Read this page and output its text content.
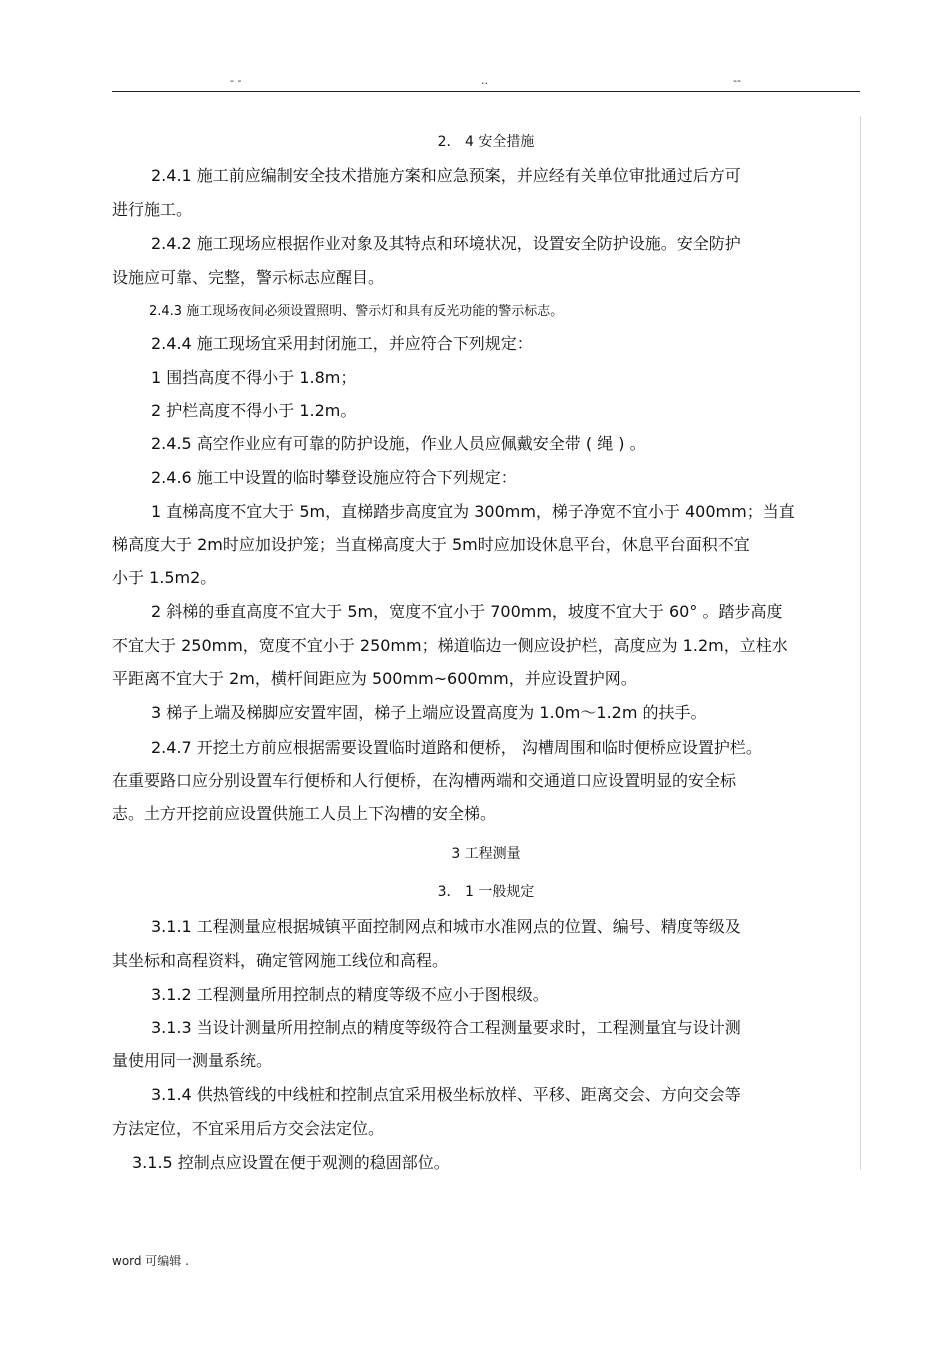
- -	..	--
2． 4 安全措施
2.4.1 施工前应编制安全技术措施方案和应急预案，并应经有关单位审批通过后方可
进行施工。
2.4.2 施工现场应根据作业对象及其特点和环境状况，设置安全防护设施。安全防护
设施应可靠、完整，警示标志应醒目。
2.4.3 施工现场夜间必须设置照明、警示灯和具有反光功能的警示标志。
2.4.4 施工现场宜采用封闭施工，并应符合下列规定：
1 围挡高度不得小于 1.8m；
2 护栏高度不得小于 1.2m。
2.4.5 高空作业应有可靠的防护设施，作业人员应佩戴安全带 ( 绳 ) 。
2.4.6 施工中设置的临时攀登设施应符合下列规定：
1 直梯高度不宜大于 5m，直梯踏步高度宜为 300mm，梯子净宽不宜小于 400mm；当直
梯高度大于 2m时应加设护笼；当直梯高度大于 5m时应加设休息平台，休息平台面积不宜
小于 1.5m2。
2 斜梯的垂直高度不宜大于 5m，宽度不宜小于 700mm，坡度不宜大于 60° 。踏步高度
不宜大于 250mm，宽度不宜小于 250mm；梯道临边一侧应设护栏，高度应为 1.2m，立柱水
平距离不宜大于 2m，横杆间距应为 500mm~600mm，并应设置护网。
3 梯子上端及梯脚应安置牢固，梯子上端应设置高度为 1.0m～1.2m 的扶手。
2.4.7 开挖土方前应根据需要设置临时道路和便桥， 沟槽周围和临时便桥应设置护栏。
在重要路口应分别设置车行便桥和人行便桥，在沟槽两端和交通道口应设置明显的安全标
志。土方开挖前应设置供施工人员上下沟槽的安全梯。
3 工程测量
3． 1 一般规定
3.1.1 工程测量应根据城镇平面控制网点和城市水准网点的位置、编号、精度等级及
其坐标和高程资料，确定管网施工线位和高程。
3.1.2 工程测量所用控制点的精度等级不应小于图根级。
3.1.3 当设计测量所用控制点的精度等级符合工程测量要求时，工程测量宜与设计测
量使用同一测量系统。
3.1.4 供热管线的中线桩和控制点宜采用极坐标放样、平移、距离交会、方向交会等
方法定位，不宜采用后方交会法定位。
3.1.5 控制点应设置在便于观测的稳固部位。
word 可编辑 .
